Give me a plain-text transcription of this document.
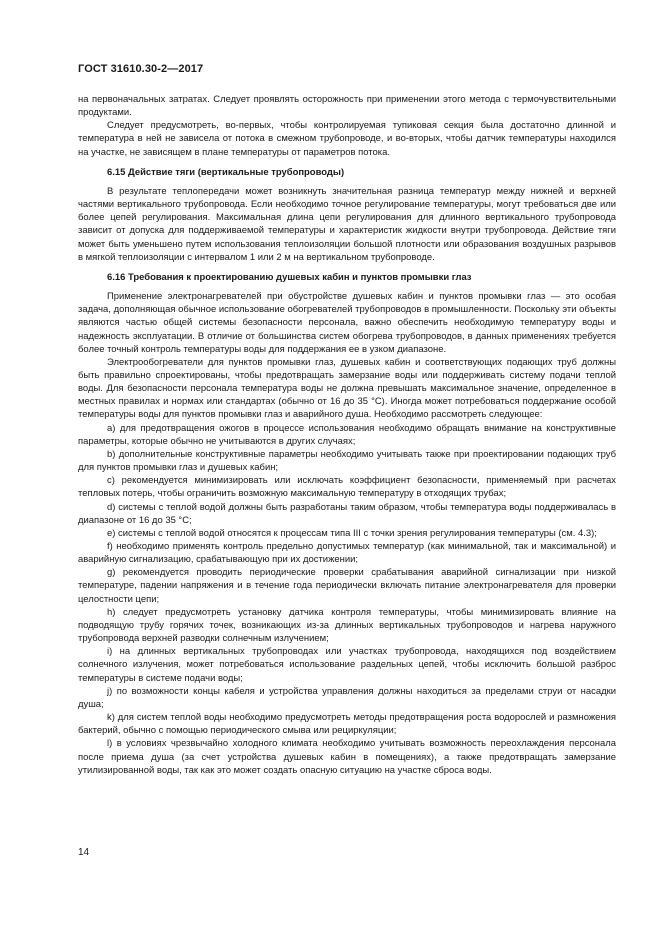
ГОСТ 31610.30-2—2017

на первоначальных затратах. Следует проявлять осторожность при применении этого метода с термочувствительными продуктами.

Следует предусмотреть, во-первых, чтобы контролируемая тупиковая секция была достаточно длинной и температура в ней не зависела от потока в смежном трубопроводе, и во-вторых, чтобы датчик температуры находился на участке, не зависящем в плане температуры от параметров потока.

6.15 Действие тяги (вертикальные трубопроводы)

В результате теплопередачи может возникнуть значительная разница температур между нижней и верхней частями вертикального трубопровода. Если необходимо точное регулирование температуры, могут требоваться две или более цепей регулирования. Максимальная длина цепи регулирования для длинного вертикального трубопровода зависит от допуска для поддерживаемой температуры и характеристик жидкости внутри трубопровода. Действие тяги может быть уменьшено путем использования теплоизоляции большой плотности или образования воздушных разрывов в мягкой теплоизоляции с интервалом 1 или 2 м на вертикальном трубопроводе.

6.16 Требования к проектированию душевых кабин и пунктов промывки глаз

Применение электронагревателей при обустройстве душевых кабин и пунктов промывки глаз — это особая задача, дополняющая обычное использование обогревателей трубопроводов в промышленности. Поскольку эти объекты являются частью общей системы безопасности персонала, важно обеспечить необходимую температуру воды и надежность эксплуатации. В отличие от большинства систем обогрева трубопроводов, в данных применениях требуется более точный контроль температуры воды для поддержания ее в узком диапазоне.

Электрообогреватели для пунктов промывки глаз, душевых кабин и соответствующих подающих труб должны быть правильно спроектированы, чтобы предотвращать замерзание воды или поддерживать систему подачи теплой воды. Для безопасности персонала температура воды не должна превышать максимальное значение, определенное в местных правилах и нормах или стандартах (обычно от 16 до 35 °С). Иногда может потребоваться поддержание особой температуры воды для пунктов промывки глаз и аварийного душа. Необходимо рассмотреть следующее:

a) для предотвращения ожогов в процессе использования необходимо обращать внимание на конструктивные параметры, которые обычно не учитываются в других случаях;

b) дополнительные конструктивные параметры необходимо учитывать также при проектировании подающих труб для пунктов промывки глаз и душевых кабин;

c) рекомендуется минимизировать или исключать коэффициент безопасности, применяемый при расчетах тепловых потерь, чтобы ограничить возможную максимальную температуру в отходящих трубах;

d) системы с теплой водой должны быть разработаны таким образом, чтобы температура воды поддерживалась в диапазоне от 16 до 35 °С;

e) системы с теплой водой относятся к процессам типа III с точки зрения регулирования температуры (см. 4.3);

f) необходимо применять контроль предельно допустимых температур (как минимальной, так и максимальной) и аварийную сигнализацию, срабатывающую при их достижении;

g) рекомендуется проводить периодические проверки срабатывания аварийной сигнализации при низкой температуре, падении напряжения и в течение года периодически включать питание электронагревателя для проверки целостности цепи;

h) следует предусмотреть установку датчика контроля температуры, чтобы минимизировать влияние на подводящую трубу горячих точек, возникающих из-за длинных вертикальных трубопроводов и нагрева наружного трубопровода верхней разводки солнечным излучением;

i) на длинных вертикальных трубопроводах или участках трубопровода, находящихся под воздействием солнечного излучения, может потребоваться использование раздельных цепей, чтобы исключить большой разброс температуры в системе подачи воды;

j) по возможности концы кабеля и устройства управления должны находиться за пределами струи от насадки душа;

k) для систем теплой воды необходимо предусмотреть методы предотвращения роста водорослей и размножения бактерий, обычно с помощью периодического смыва или рециркуляции;

l) в условиях чрезвычайно холодного климата необходимо учитывать возможность переохлаждения персонала после приема душа (за счет устройства душевых кабин в помещениях), а также предотвращать замерзание утилизированной воды, так как это может создать опасную ситуацию на участке сброса воды.

14
